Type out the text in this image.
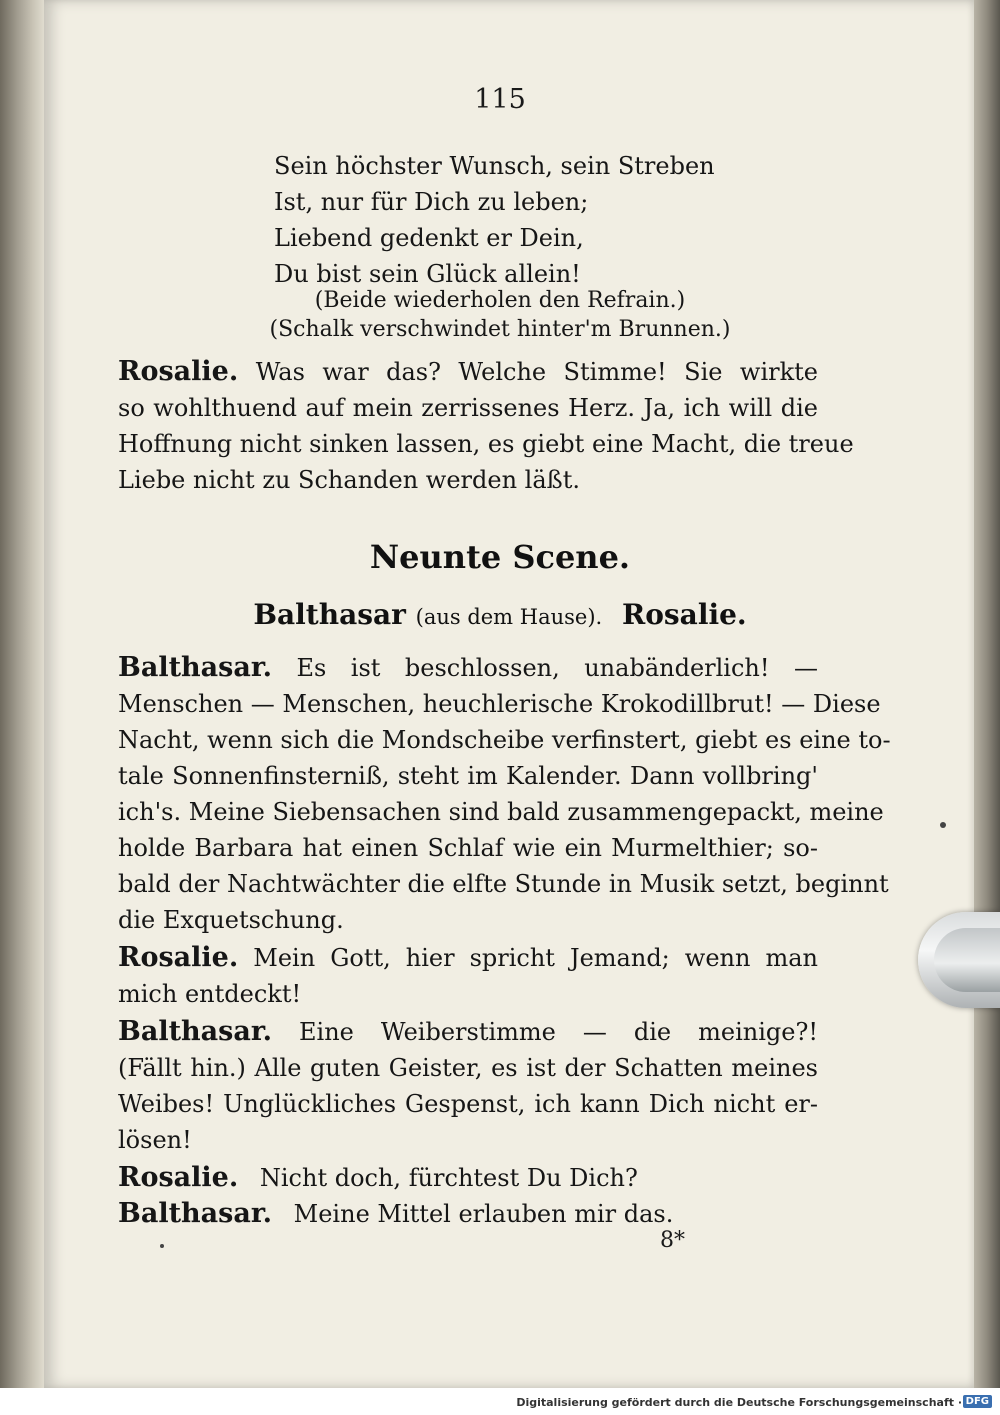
115
Sein höchster Wunsch, sein Streben
Ist, nur für Dich zu leben;
Liebend gedenkt er Dein,
Du bist sein Glück allein!
(Beide wiederholen den Refrain.)
(Schalk verschwindet hinter'm Brunnen.)
Rosalie. Was war das? Welche Stimme! Sie wirkte
so wohlthuend auf mein zerrissenes Herz. Ja, ich will die
Hoffnung nicht sinken lassen, es giebt eine Macht, die treue
Liebe nicht zu Schanden werden läßt.
Neunte Scene.
Balthasar (aus dem Hause). Rosalie.
Balthasar. Es ist beschlossen, unabänderlich! —
Menschen — Menschen, heuchlerische Krokodillbrut! — Diese
Nacht, wenn sich die Mondscheibe verfinstert, giebt es eine to-
tale Sonnenfinsterniß, steht im Kalender. Dann vollbring'
ich's. Meine Siebensachen sind bald zusammengepackt, meine
holde Barbara hat einen Schlaf wie ein Murmelthier; so-
bald der Nachtwächter die elfte Stunde in Musik setzt, beginnt
die Exquetschung.
Rosalie. Mein Gott, hier spricht Jemand; wenn man
mich entdeckt!
Balthasar. Eine Weiberstimme — die meinige?!
(Fällt hin.) Alle guten Geister, es ist der Schatten meines
Weibes! Unglückliches Gespenst, ich kann Dich nicht er-
lösen!
Rosalie. Nicht doch, fürchtest Du Dich?
Balthasar. Meine Mittel erlauben mir das.
8*
Digitalisierung gefördert durch die Deutsche Forschungsgemeinschaft · DFG
